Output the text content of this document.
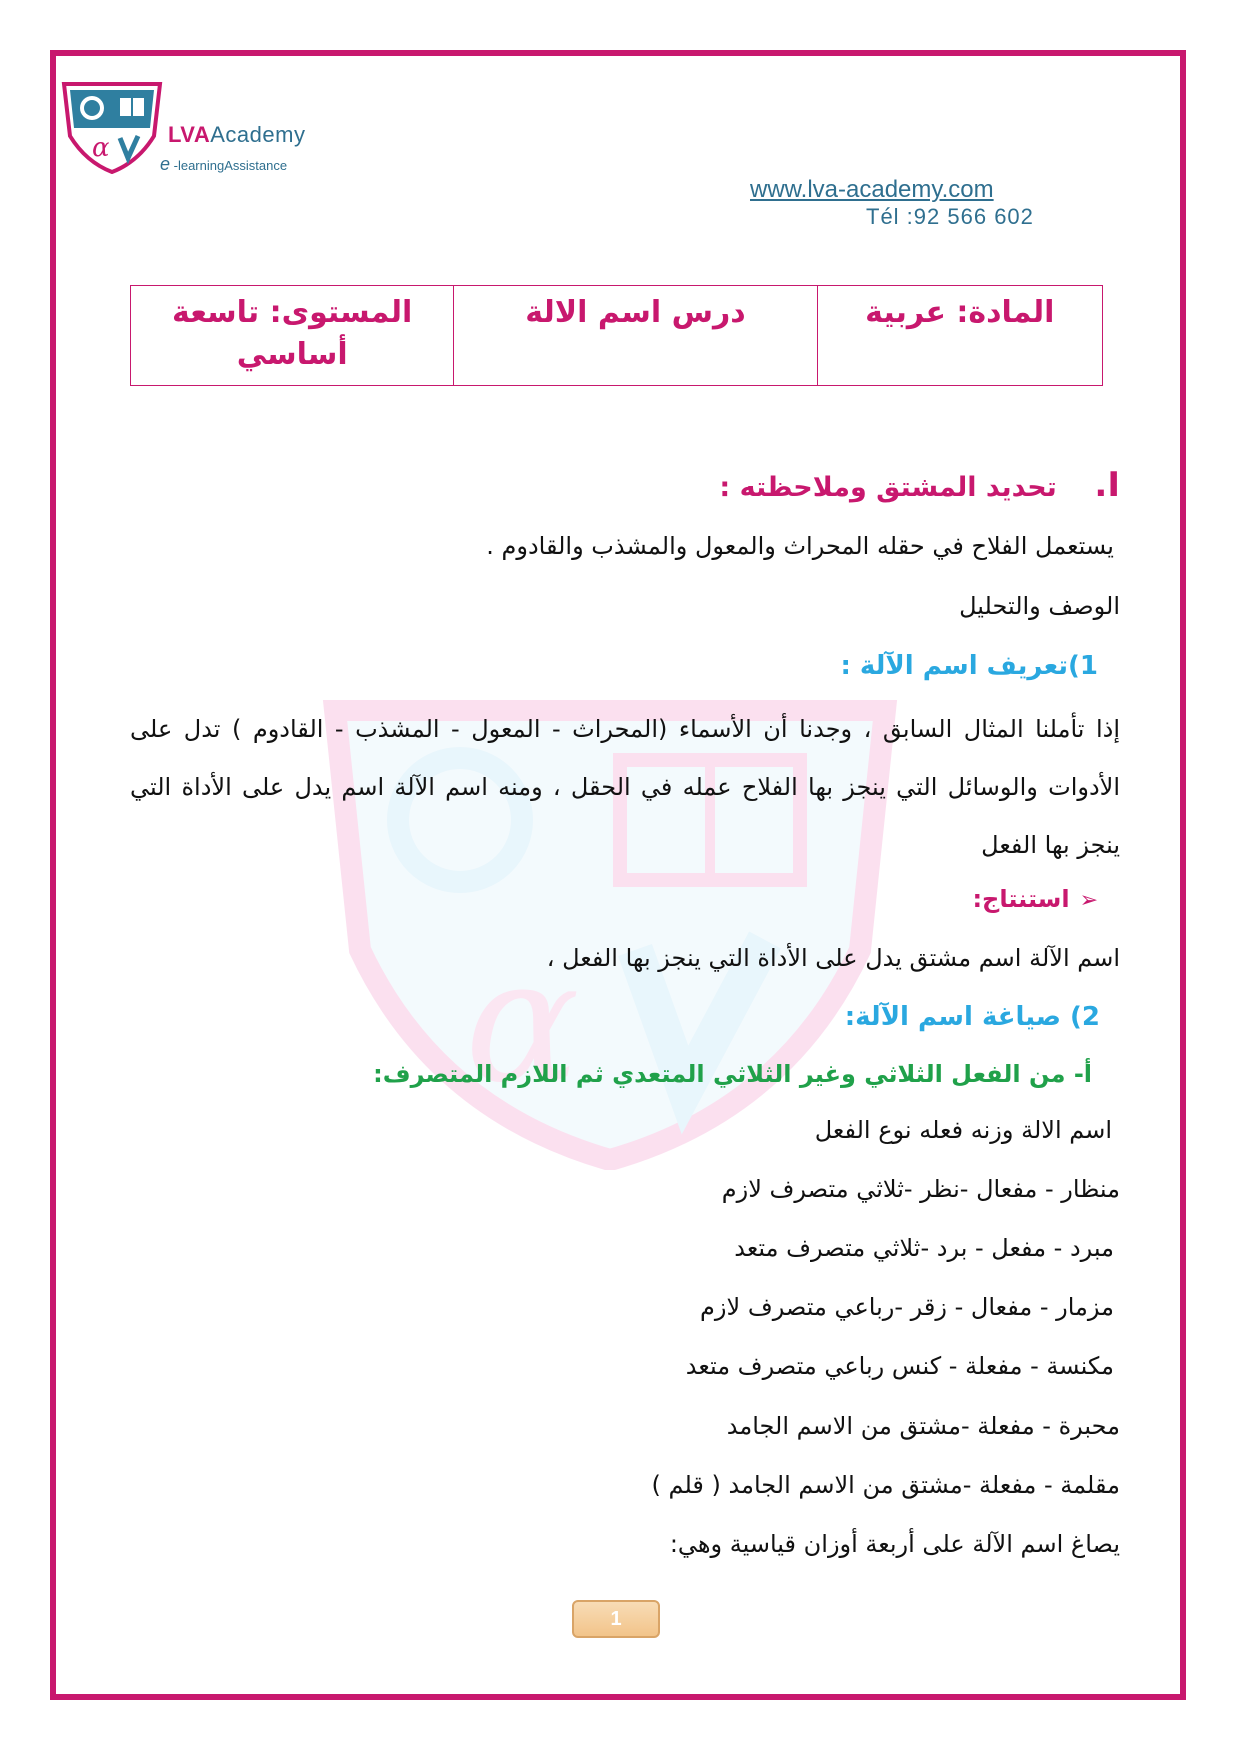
α	LVAAcademy
e -learningAssistance
www.lva-academy.com
Tél :92 566 602
المادة: عربية
درس اسم الالة
المستوى: تاسعة أساسي
α
I.    تحديد المشتق وملاحظته :
يستعمل الفلاح في حقله المحراث والمعول والمشذب والقادوم .
الوصف والتحليل
1)تعريف اسم الآلة :
إذا تأملنا المثال السابق ، وجدنا أن الأسماء (المحراث - المعول - المشذب - القادوم ) تدل على الأدوات والوسائل التي ينجز بها الفلاح عمله في الحقل ، ومنه اسم الآلة اسم يدل على الأداة التي ينجز بها الفعل
➢استنتاج:
اسم الآلة اسم مشتق يدل على الأداة التي ينجز بها الفعل ،
2) صياغة اسم الآلة:
أ- من الفعل الثلاثي وغير الثلاثي المتعدي ثم اللازم المتصرف:
اسم الالة وزنه فعله نوع الفعل
منظار - مفعال -نظر -ثلاثي متصرف لازم
مبرد - مفعل - برد -ثلاثي متصرف متعد
مزمار - مفعال - زقر -رباعي متصرف لازم
مكنسة - مفعلة - كنس رباعي متصرف متعد
محبرة - مفعلة -مشتق من الاسم الجامد
مقلمة - مفعلة -مشتق من الاسم الجامد ( قلم )
يصاغ اسم الآلة على أربعة أوزان قياسية وهي:
1
